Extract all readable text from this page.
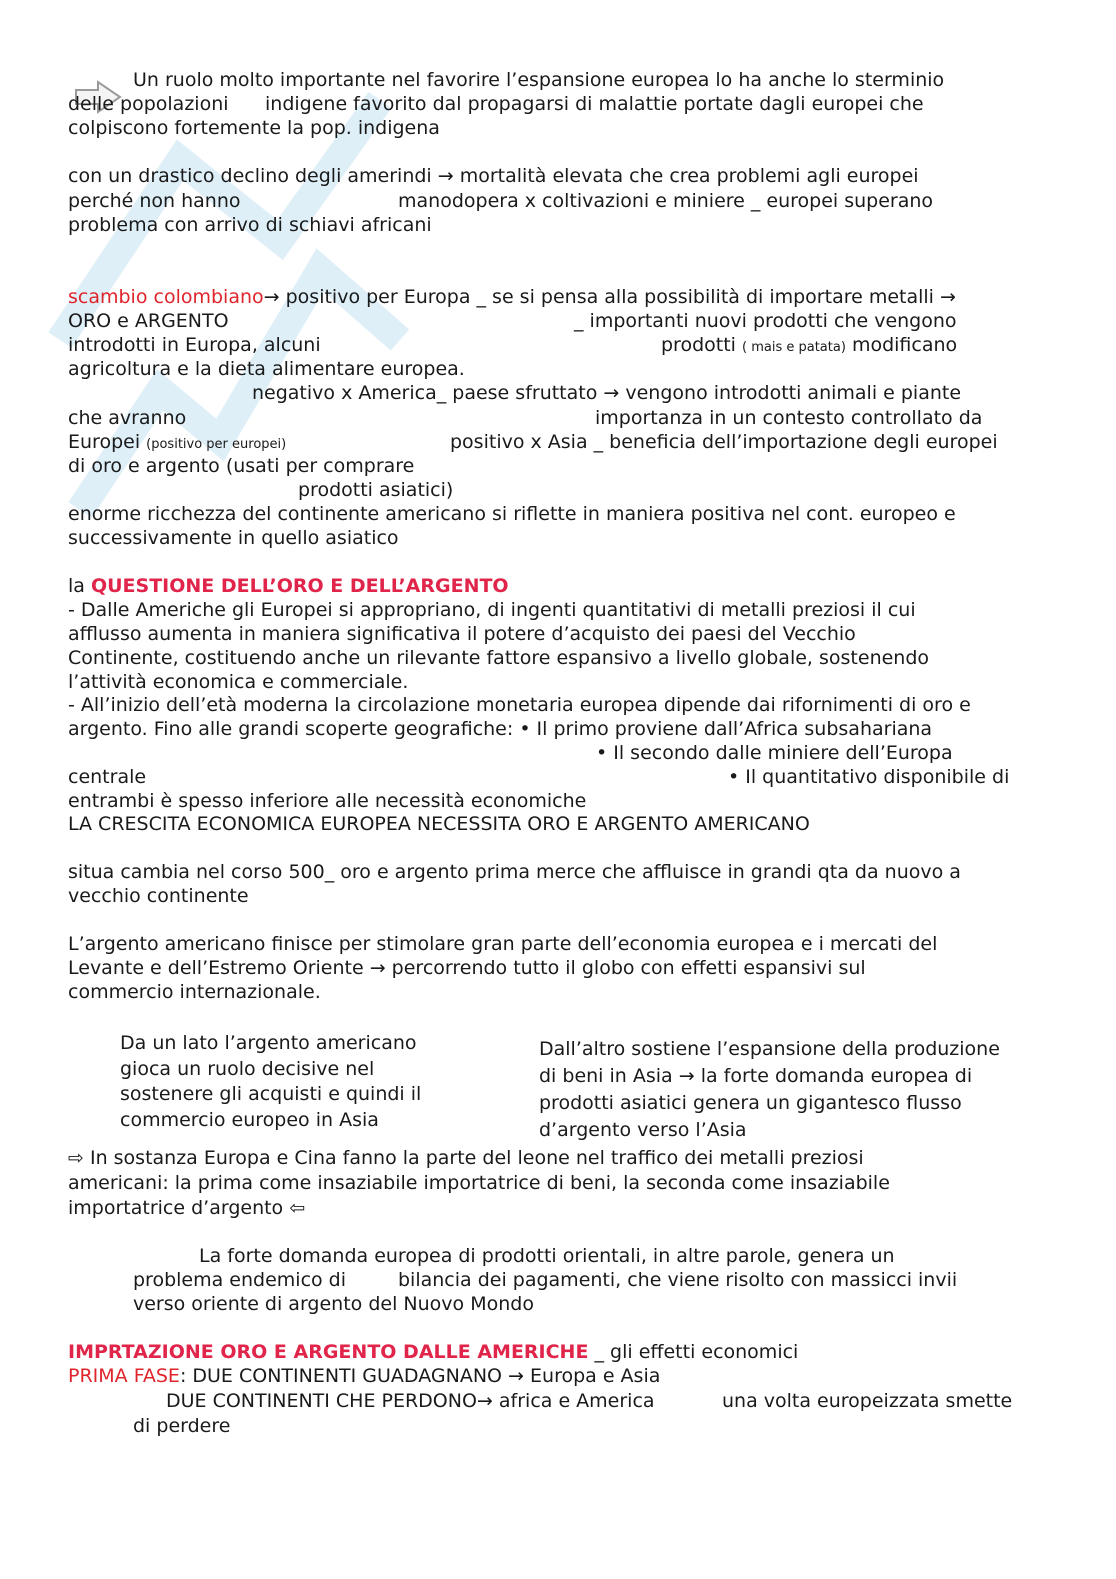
Un ruolo molto importante nel favorire l’espansione europea lo ha anche lo sterminio
delle popolazioni indigene favorito dal propagarsi di malattie portate dagli europei che
colpiscono fortemente la pop. indigena
con un drastico declino degli amerindi → mortalità elevata che crea problemi agli europei
perché non hanno	manodopera x coltivazioni e miniere _ europei superano
problema con arrivo di schiavi africani
scambio colombiano→ positivo per Europa _ se si pensa alla possibilità di importare metalli →
ORO e ARGENTO	_ importanti nuovi prodotti che vengono
introdotti in Europa, alcuni	prodotti ( mais e patata) modificano
agricoltura e la dieta alimentare europea.
negativo x America_ paese sfruttato → vengono introdotti animali e piante
che avranno	importanza in un contesto controllato da
Europei (positivo per europei)	positivo x Asia _ beneficia dell’importazione degli europei
di oro e argento (usati per comprare
prodotti asiatici)
enorme ricchezza del continente americano si riflette in maniera positiva nel cont. europeo e
successivamente in quello asiatico
la QUESTIONE DELL’ORO E DELL’ARGENTO
- Dalle Americhe gli Europei si appropriano, di ingenti quantitativi di metalli preziosi il cui
afflusso aumenta in maniera significativa il potere d’acquisto dei paesi del Vecchio
Continente, costituendo anche un rilevante fattore espansivo a livello globale, sostenendo
l’attività economica e commerciale.
- All’inizio dell’età moderna la circolazione monetaria europea dipende dai rifornimenti di oro e
argento. Fino alle grandi scoperte geografiche: • Il primo proviene dall’Africa subsahariana
• Il secondo dalle miniere dell’Europa
centrale	• Il quantitativo disponibile di
entrambi è spesso inferiore alle necessità economiche
LA CRESCITA ECONOMICA EUROPEA NECESSITA ORO E ARGENTO AMERICANO
situa cambia nel corso 500_ oro e argento prima merce che affluisce in grandi qta da nuovo a
vecchio continente
L’argento americano finisce per stimolare gran parte dell’economia europea e i mercati del
Levante e dell’Estremo Oriente → percorrendo tutto il globo con effetti espansivi sul
commercio internazionale.
Da un lato l’argento americano
gioca un ruolo decisive nel
sostenere gli acquisti e quindi il
commercio europeo in Asia
Dall’altro sostiene l’espansione della produzione
di beni in Asia → la forte domanda europea di
prodotti asiatici genera un gigantesco flusso
d’argento verso l’Asia
⇨ In sostanza Europa e Cina fanno la parte del leone nel traffico dei metalli preziosi
americani: la prima come insaziabile importatrice di beni, la seconda come insaziabile
importatrice d’argento ⇦
La forte domanda europea di prodotti orientali, in altre parole, genera un
problema endemico di	bilancia dei pagamenti, che viene risolto con massicci invii
verso oriente di argento del Nuovo Mondo
IMPRTAZIONE ORO E ARGENTO DALLE AMERICHE _ gli effetti economici
PRIMA FASE: DUE CONTINENTI GUADAGNANO → Europa e Asia
DUE CONTINENTI CHE PERDONO→ africa e America	una volta europeizzata smette
di perdere
